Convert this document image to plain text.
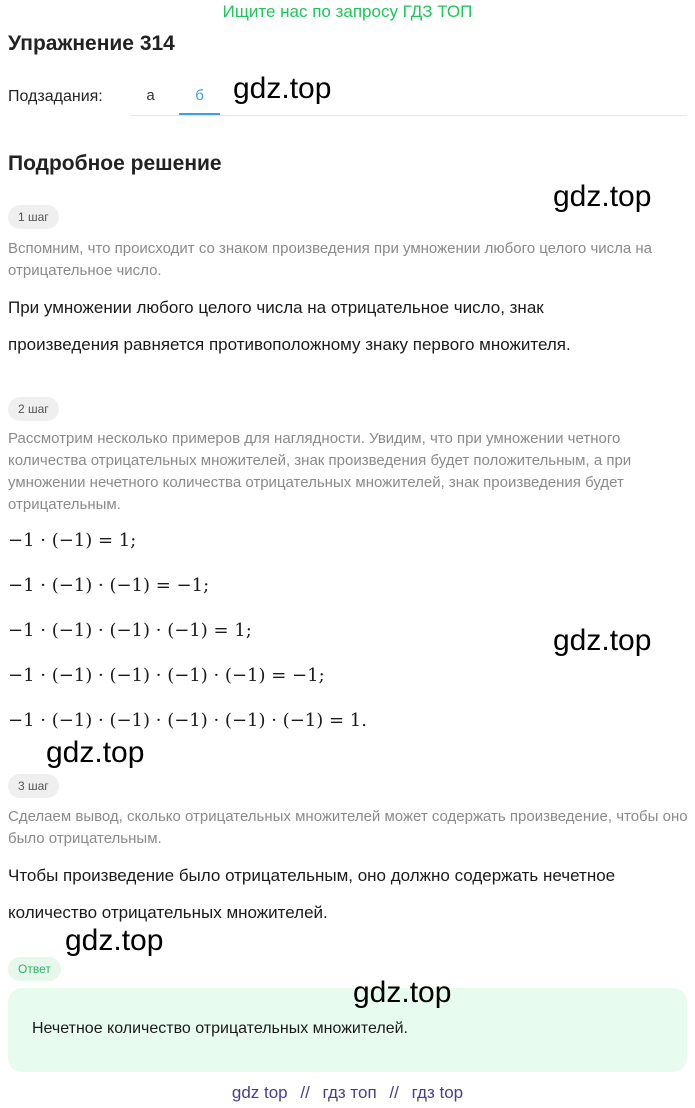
Ищите нас по запросу ГДЗ ТОП
Упражнение 314
Подзадания:	а	б gdz.top
Подробное решение
gdz.top
1 шаг
Вспомним, что происходит со знаком произведения при умножении любого целого числа на отрицательное число.
При умножении любого целого числа на отрицательное число, знак
произведения равняется противоположному знаку первого множителя.
2 шаг
Рассмотрим несколько примеров для наглядности. Увидим, что при умножении четного количества отрицательных множителей, знак произведения будет положительным, а при умножении нечетного количества отрицательных множителей, знак произведения будет отрицательным.
−1 · (−1) = 1;
−1 · (−1) · (−1) = −1;
−1 · (−1) · (−1) · (−1) = 1;
−1 · (−1) · (−1) · (−1) · (−1) = −1;
−1 · (−1) · (−1) · (−1) · (−1) · (−1) = 1.
gdz.top
gdz.top
3 шаг
Сделаем вывод, сколько отрицательных множителей может содержать произведение, чтобы оно было отрицательным.
Чтобы произведение было отрицательным, оно должно содержать нечетное
количество отрицательных множителей.
gdz.top
Ответ
gdz.top
Нечетное количество отрицательных множителей.
gdz top // гдз топ // гдз top
